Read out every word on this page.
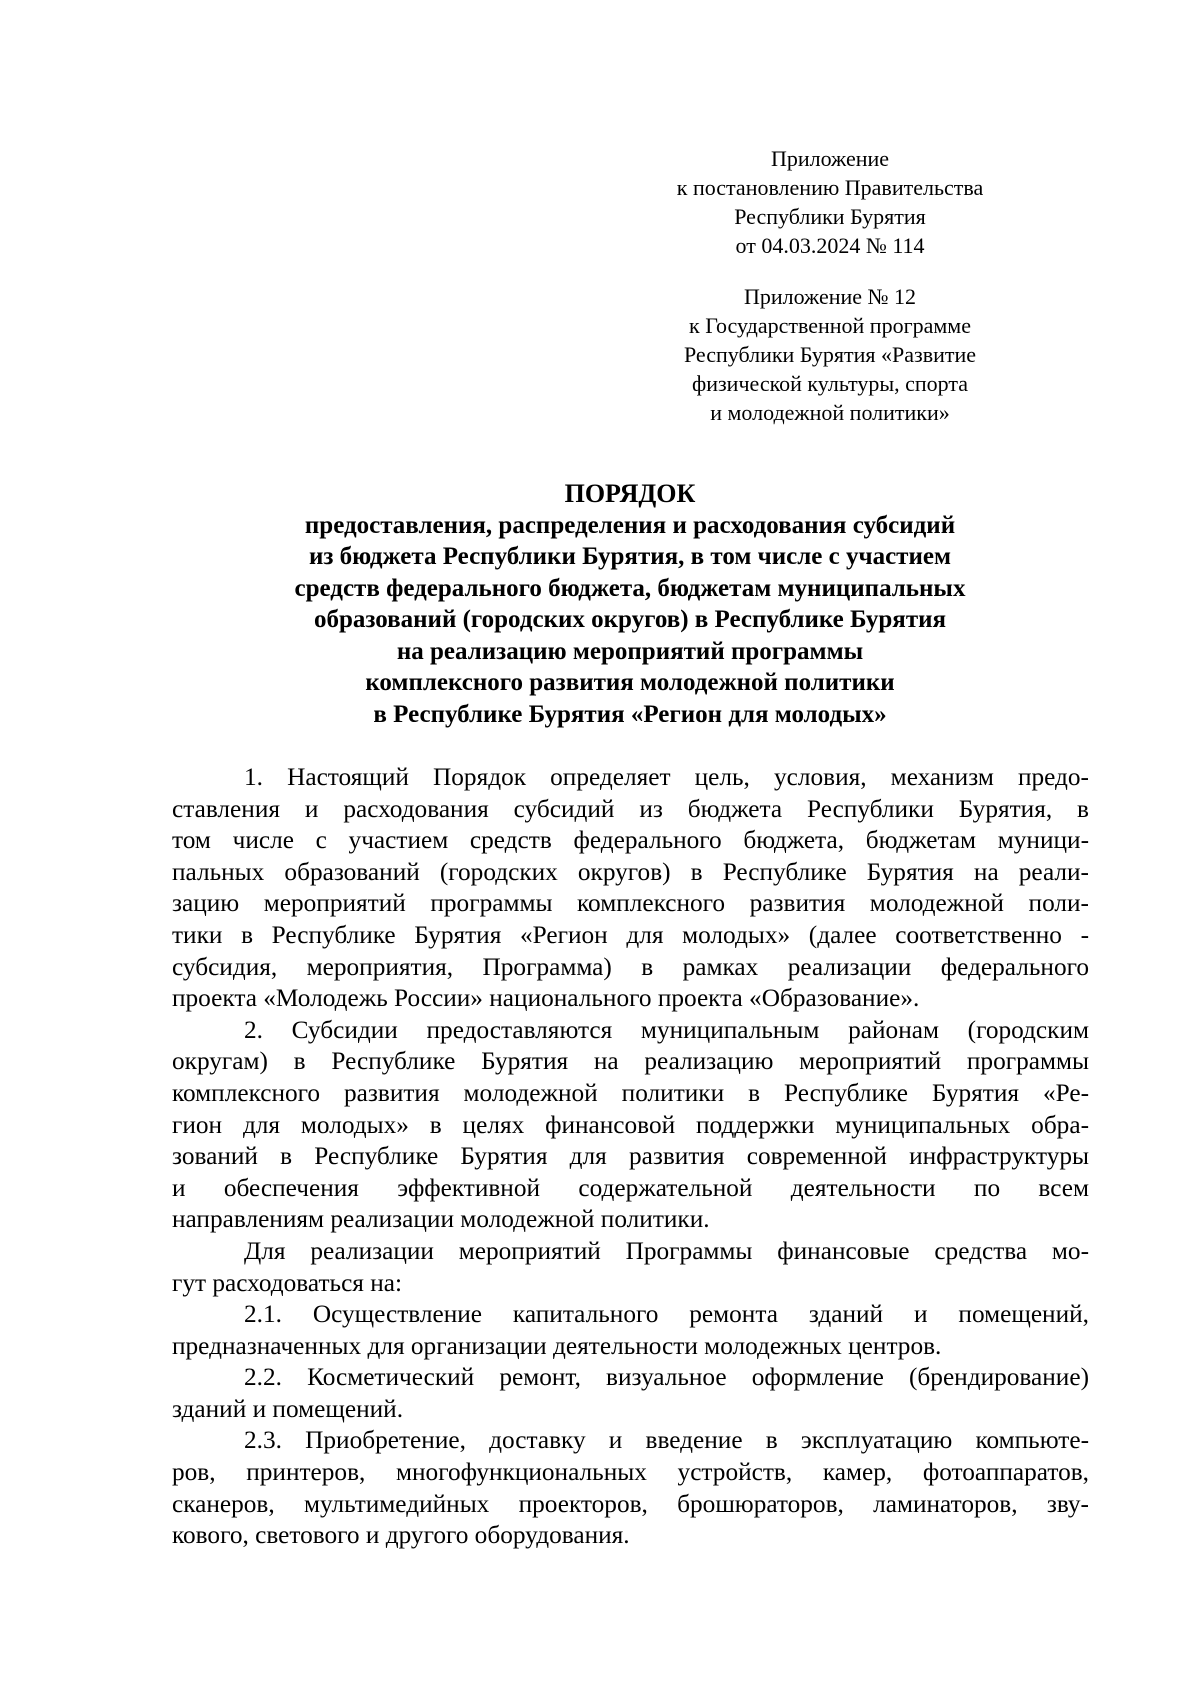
Приложение
к постановлению Правительства
Республики Бурятия
от 04.03.2024 № 114
Приложение № 12
к Государственной программе
Республики Бурятия «Развитие
физической культуры, спорта
и молодежной политики»
ПОРЯДОК
предоставления, распределения и расходования субсидий
из бюджета Республики Бурятия, в том числе с участием
средств федерального бюджета, бюджетам муниципальных
образований (городских округов) в Республике Бурятия
на реализацию мероприятий программы
комплексного развития молодежной политики
в Республике Бурятия «Регион для молодых»
1. Настоящий Порядок определяет цель, условия, механизм предо-
ставления и расходования субсидий из бюджета Республики Бурятия, в
том числе с участием средств федерального бюджета, бюджетам муници-
пальных образований (городских округов) в Республике Бурятия на реали-
зацию мероприятий программы комплексного развития молодежной поли-
тики в Республике Бурятия «Регион для молодых» (далее соответственно -
субсидия, мероприятия, Программа) в рамках реализации федерального
проекта «Молодежь России» национального проекта «Образование».
2. Субсидии предоставляются муниципальным районам (городским
округам) в Республике Бурятия на реализацию мероприятий программы
комплексного развития молодежной политики в Республике Бурятия «Ре-
гион для молодых» в целях финансовой поддержки муниципальных обра-
зований в Республике Бурятия для развития современной инфраструктуры
и обеспечения эффективной содержательной деятельности по всем
направлениям реализации молодежной политики.
Для реализации мероприятий Программы финансовые средства мо-
гут расходоваться на:
2.1. Осуществление капитального ремонта зданий и помещений,
предназначенных для организации деятельности молодежных центров.
2.2. Косметический ремонт, визуальное оформление (брендирование)
зданий и помещений.
2.3. Приобретение, доставку и введение в эксплуатацию компьюте-
ров, принтеров, многофункциональных устройств, камер, фотоаппаратов,
сканеров, мультимедийных проекторов, брошюраторов, ламинаторов, зву-
кового, светового и другого оборудования.
